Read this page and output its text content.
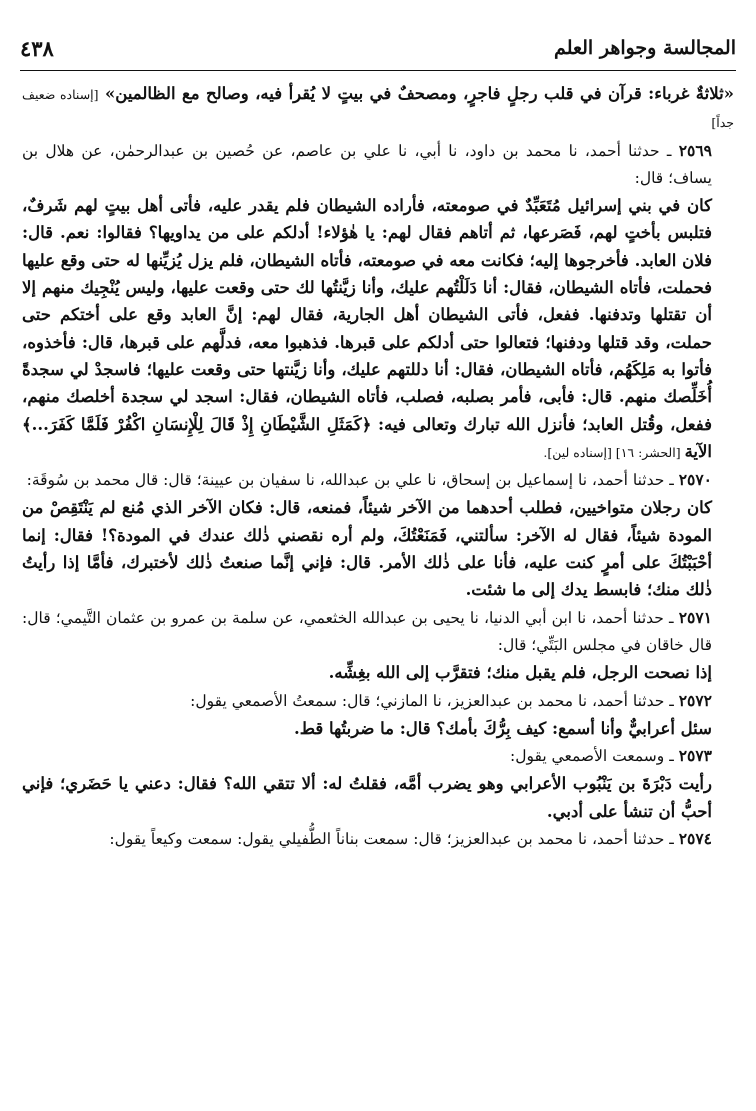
المجالسة وجواهر العلم
٤٣٨

«ثلاثةٌ غرباء: قرآن في قلب رجلٍ فاجرٍ، ومصحفٌ في بيتٍ لا يُقرأ فيه، وصالح مع الظالمين» [إسناده ضعيف جداً]

٢٥٦٩ ـ حدثنا أحمد، نا محمد بن داود، نا أبي، نا علي بن عاصم، عن حُصين بن عبدالرحمٰن، عن هلال بن يساف؛ قال:

كان في بني إسرائيل مُتَعَبِّدٌ في صومعته، فأراده الشيطان فلم يقدر عليه، فأتى أهل بيتٍ لهم شَرفٌ، فتلبس بأختٍ لهم، فَصَرعها، ثم أتاهم فقال لهم: يا هٰؤلاء! أدلكم على من يداويها؟ فقالوا: نعم. قال: فلان العابد. فأخرجوها إليه؛ فكانت معه في صومعته، فأتاه الشيطان، فلم يزل يُزيِّنها له حتى وقع عليها فحملت، فأتاه الشيطان، فقال: أنا دَلَلْتُهم عليك، وأنا زيَّنتُها لك حتى وقعت عليها، وليس يُنْجِيك منهم إلا أن تقتلها وتدفنها. ففعل، فأتى الشيطان أهل الجارية، فقال لهم: إنَّ العابد وقع على أختكم حتى حملت، وقد قتلها ودفنها؛ فتعالوا حتى أدلكم على قبرها. فذهبوا معه، فدلَّهم على قبرها، قال: فأخذوه، فأتوا به مَلِكَهُم، فأتاه الشيطان، فقال: أنا دللتهم عليك، وأنا زيَّنتها حتى وقعت عليها؛ فاسجدْ لي سجدةً أُخَلِّصك منهم. قال: فأبى، فأمر بصلبه، فصلب، فأتاه الشيطان، فقال: اسجد لي سجدة أخلصك منهم، ففعل، وقُتل العابد؛ فأنزل الله تبارك وتعالى فيه: ﴿كَمَثَلِ الشَّيْطَانِ إِذْ قَالَ لِلْإِنسَانِ اكْفُرْ فَلَمَّا كَفَرَ...﴾ الآية [الحشر: ١٦] [إسناده لين].

٢٥٧٠ ـ حدثنا أحمد، نا إسماعيل بن إسحاق، نا علي بن عبدالله، نا سفيان بن عيينة؛ قال: قال محمد بن سُوقَة:

كان رجلان متواخيين، فطلب أحدهما من الآخر شيئاً، فمنعه، قال: فكان الآخر الذي مُنع لم يَنْتَقِصْ من المودة شيئاً، فقال له الآخر: سألتني، فَمَنَعْتُكَ، ولم أره نقصني ذٰلك عندك في المودة؟! فقال: إنما أحْبَبْتُكَ على أمرٍ كنت عليه، فأنا على ذٰلك الأمر. قال: فإني إنَّما صنعتُ ذٰلك لأختبرك، فأمَّا إذا رأيتُ ذٰلك منك؛ فابسط يدك إلى ما شئت.

٢٥٧١ ـ حدثنا أحمد، نا ابن أبي الدنيا، نا يحيى بن عبدالله الخثعمي، عن سلمة بن عمرو بن عثمان التَّيمي؛ قال: قال خاقان في مجلس البَتِّي؛ قال:

إذا نصحت الرجل، فلم يقبل منك؛ فتقرَّب إلى الله بغِشِّه.

٢٥٧٢ ـ حدثنا أحمد، نا محمد بن عبدالعزيز، نا المازني؛ قال: سمعتُ الأصمعي يقول:

سئل أعرابيٌّ وأنا أسمع: كيف بِرُّكَ بأمك؟ قال: ما ضربتُها قط.

٢٥٧٣ ـ وسمعت الأصمعي يقول:

رأيت دَبْرَةَ بن يَنْبُوب الأعرابي وهو يضرب أمَّه، فقلتُ له: ألا تتقي الله؟ فقال: دعني يا حَضَري؛ فإني أحبُّ أن تنشأ على أدبي.

٢٥٧٤ ـ حدثنا أحمد، نا محمد بن عبدالعزيز؛ قال: سمعت بناناً الطُّفيلي يقول: سمعت وكيعاً يقول:
